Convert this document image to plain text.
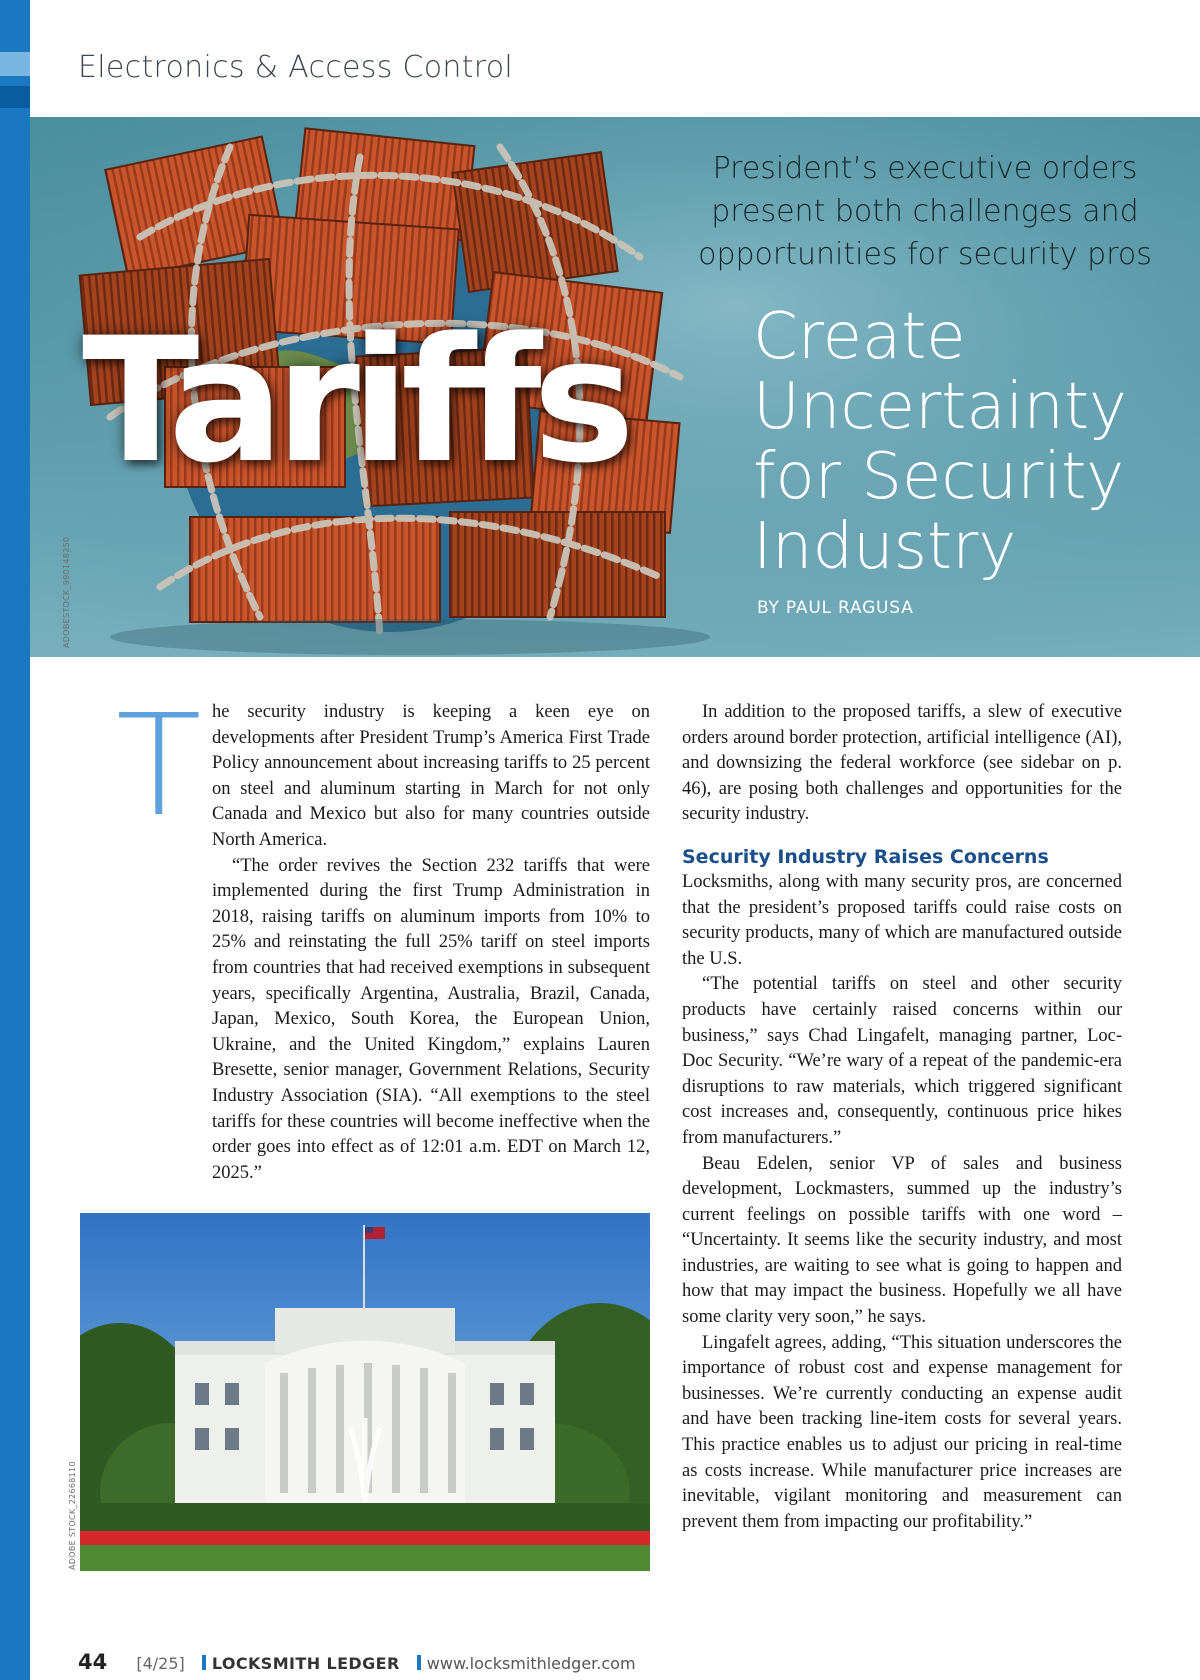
Electronics & Access Control
Tariffs
President’s executive orders
present both challenges and
opportunities for security pros
Create
Uncertainty
for Security
Industry
BY PAUL RAGUSA
ADOBESTOCK_990148250
T he security industry is keeping a keen eye on developments after President Trump’s America First Trade Policy announcement about increasing tariffs to 25 percent on steel and aluminum starting in March for not only Canada and Mexico but also for many countries outside North America.

“The order revives the Section 232 tariffs that were implemented during the first Trump Administration in 2018, raising tariffs on aluminum imports from 10% to 25% and reinstating the full 25% tariff on steel imports from countries that had received exemptions in subsequent years, specifically Argentina, Australia, Brazil, Canada, Japan, Mexico, South Korea, the European Union, Ukraine, and the United Kingdom,” explains Lauren Bresette, senior manager, Government Relations, Security Industry Association (SIA). “All exemptions to the steel tariffs for these countries will become ineffective when the order goes into effect as of 12:01 a.m. EDT on March 12, 2025.”

In addition to the proposed tariffs, a slew of executive orders around border protection, artificial intelligence (AI), and downsizing the federal workforce (see sidebar on p. 46), are posing both challenges and opportunities for the security industry.

Security Industry Raises Concerns

Locksmiths, along with many security pros, are concerned that the president’s proposed tariffs could raise costs on security products, many of which are manufactured outside the U.S.

“The potential tariffs on steel and other security products have certainly raised concerns within our business,” says Chad Lingafelt, managing partner, Loc-Doc Security. “We’re wary of a repeat of the pandemic-era disruptions to raw materials, which triggered significant cost increases and, consequently, continuous price hikes from manufacturers.”

Beau Edelen, senior VP of sales and business development, Lockmasters, summed up the industry’s current feelings on possible tariffs with one word – “Uncertainty. It seems like the security industry, and most industries, are waiting to see what is going to happen and how that may impact the business. Hopefully we all have some clarity very soon,” he says.

Lingafelt agrees, adding, “This situation underscores the importance of robust cost and expense management for businesses. We’re currently conducting an expense audit and have been tracking line-item costs for several years. This practice enables us to adjust our pricing in real-time as costs increase. While manufacturer price increases are inevitable, vigilant monitoring and measurement can prevent them from impacting our profitability.”

ADOBE STOCK_22668110
44 [4/25] LOCKSMITH LEDGER www.locksmithledger.com
